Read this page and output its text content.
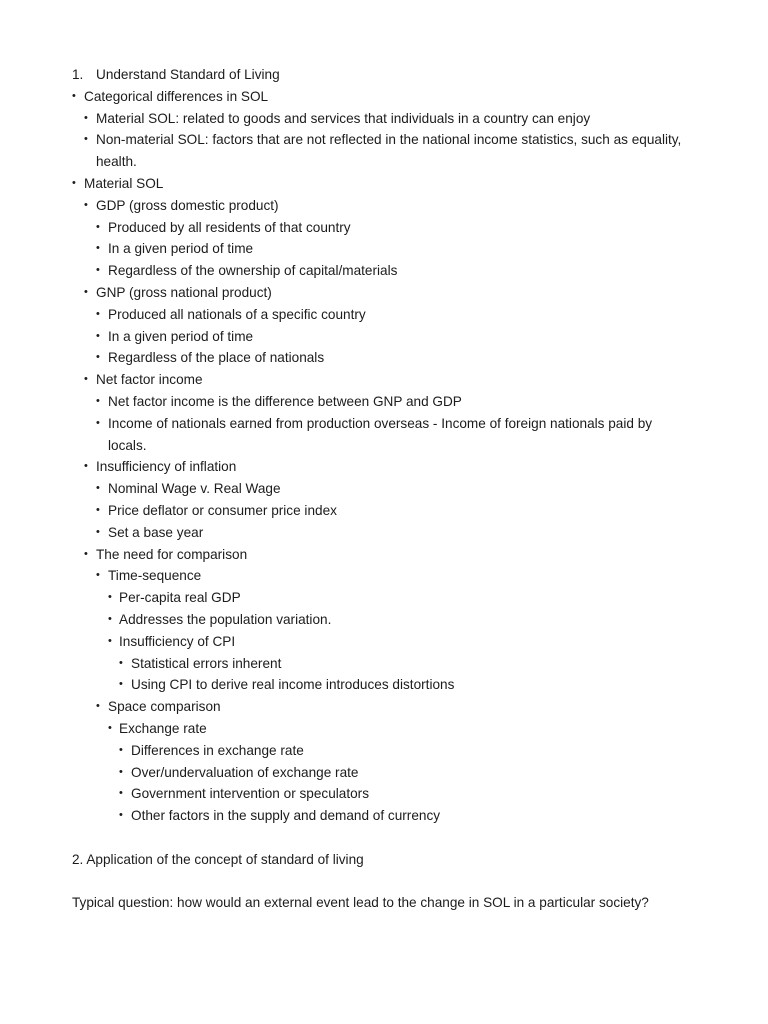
1. Understand Standard of Living
• Categorical differences in SOL
• Material SOL: related to goods and services that individuals in a country can enjoy
• Non-material SOL: factors that are not reflected in the national income statistics, such as equality, health.
• Material SOL
• GDP (gross domestic product)
• Produced by all residents of that country
• In a given period of time
• Regardless of the ownership of capital/materials
• GNP (gross national product)
• Produced all nationals of a specific country
• In a given period of time
• Regardless of the place of nationals
• Net factor income
• Net factor income is the difference between GNP and GDP
• Income of nationals earned from production overseas - Income of foreign nationals paid by locals.
• Insufficiency of inflation
• Nominal Wage v. Real Wage
• Price deflator or consumer price index
• Set a base year
• The need for comparison
• Time-sequence
• Per-capita real GDP
• Addresses the population variation.
• Insufficiency of CPI
• Statistical errors inherent
• Using CPI to derive real income introduces distortions
• Space comparison
• Exchange rate
• Differences in exchange rate
• Over/undervaluation of exchange rate
• Government intervention or speculators
• Other factors in the supply and demand of currency
2. Application of the concept of standard of living
Typical question: how would an external event lead to the change in SOL in a particular society?
